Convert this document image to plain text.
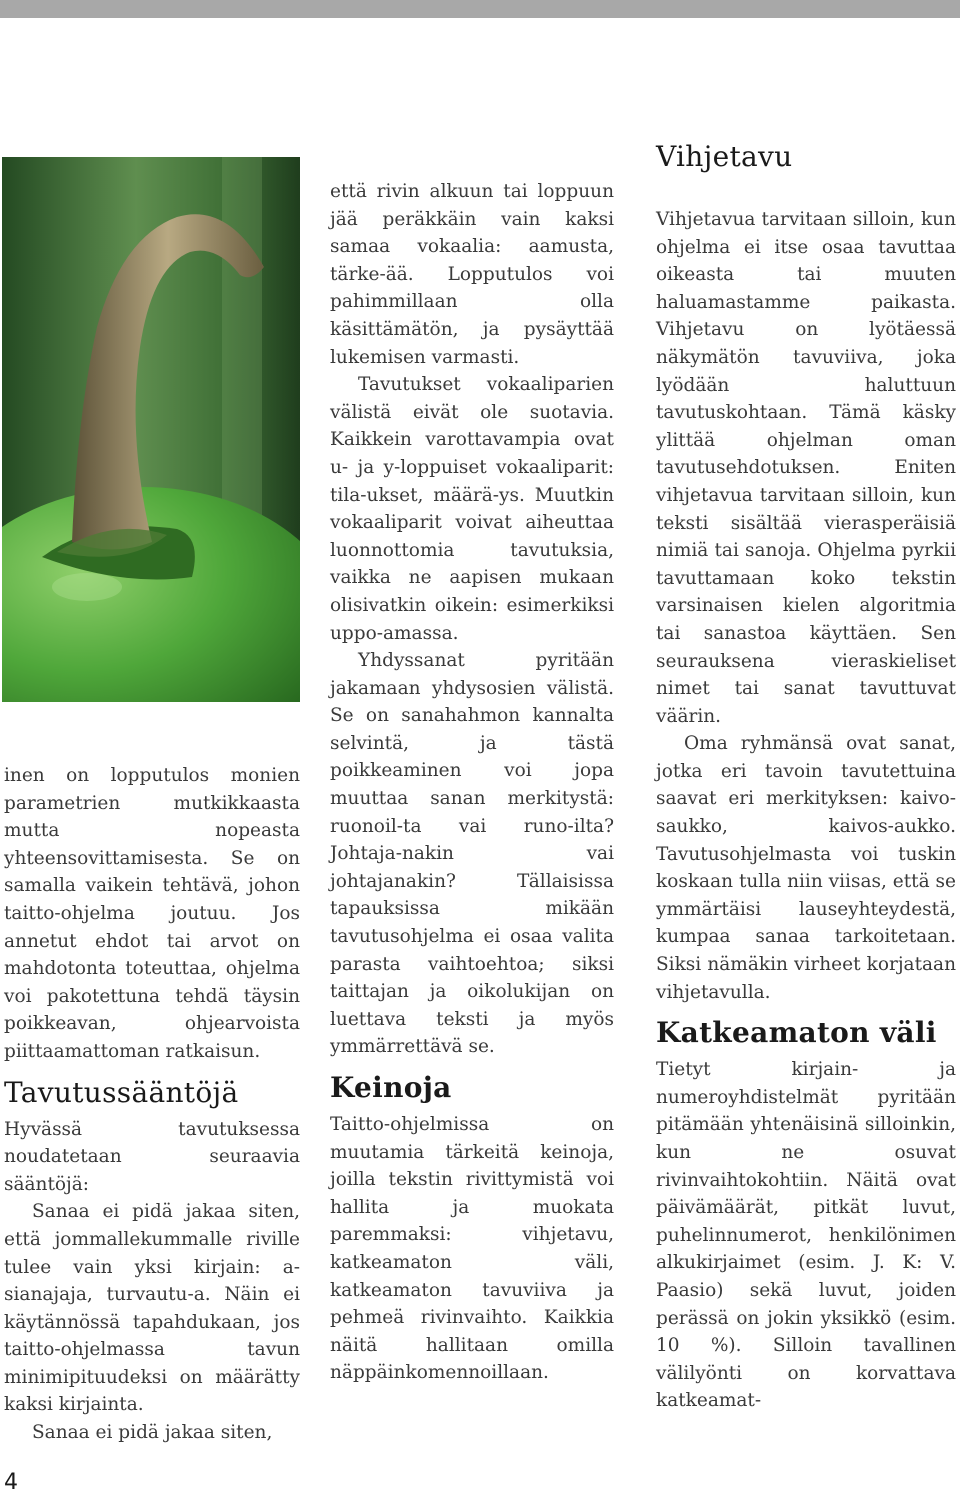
inen on lopputulos monien parametrien mutkikkaasta mutta nopeasta yhteensovittamisesta. Se on samalla vaikein tehtävä, johon taitto-ohjelma joutuu. Jos annetut ehdot tai arvot on mahdotonta toteuttaa, ohjelma voi pakotettuna tehdä täysin poikkeavan, ohjearvoista piittaamattoman ratkaisun.

Tavutussääntöjä

Hyvässä tavutuksessa noudatetaan seuraavia sääntöjä:

Sanaa ei pidä jakaa siten, että jommallekummalle riville tulee vain yksi kirjain: a-sianajaja, turvautu-a. Näin ei käytännössä tapahdukaan, jos taitto-ohjelmassa tavun minimipituudeksi on määrätty kaksi kirjainta.

Sanaa ei pidä jakaa siten,

että rivin alkuun tai loppuun jää peräkkäin vain kaksi samaa vokaalia: aamusta, tärke-ää. Lopputulos voi pahimmillaan olla käsittämätön, ja pysäyttää lukemisen varmasti.

Tavutukset vokaaliparien välistä eivät ole suotavia. Kaikkein varottavampia ovat u- ja y-loppuiset vokaaliparit: tila-ukset, määrä-ys. Muutkin vokaaliparit voivat aiheuttaa luonnottomia tavutuksia, vaikka ne aapisen mukaan olisivatkin oikein: esimerkiksi uppo-amassa.

Yhdyssanat pyritään jakamaan yhdysosien välistä. Se on sanahahmon kannalta selvintä, ja tästä poikkeaminen voi jopa muuttaa sanan merkitystä: ruonoil-ta vai runo-ilta? Johtaja-nakin vai johtajanakin? Tällaisissa tapauksissa mikään tavutusohjelma ei osaa valita parasta vaihtoehtoa; siksi taittajan ja oikolukijan on luettava teksti ja myös ymmärrettävä se.

Keinoja

Taitto-ohjelmissa on muutamia tärkeitä keinoja, joilla tekstin rivittymistä voi hallita ja muokata paremmaksi: vihjetavu, katkeamaton väli, katkeamaton tavuviiva ja pehmeä rivinvaihto. Kaikkia näitä hallitaan omilla näppäinkomennoillaan.

Vihjetavu

Vihjetavua tarvitaan silloin, kun ohjelma ei itse osaa tavuttaa oikeasta tai muuten haluamastamme paikasta. Vihjetavu on lyötäessä näkymätön tavuviiva, joka lyödään haluttuun tavutuskohtaan. Tämä käsky ylittää ohjelman oman tavutusehdotuksen. Eniten vihjetavua tarvitaan silloin, kun teksti sisältää vierasperäisiä nimiä tai sanoja. Ohjelma pyrkii tavuttamaan koko tekstin varsinaisen kielen algoritmia tai sanastoa käyttäen. Sen seurauksena vieraskieliset nimet tai sanat tavuttuvat väärin.

Oma ryhmänsä ovat sanat, jotka eri tavoin tavutettuina saavat eri merkityksen: kaivo-saukko, kaivos-aukko. Tavutusohjelmasta voi tuskin koskaan tulla niin viisas, että se ymmärtäisi lauseyhteydestä, kumpaa sanaa tarkoitetaan. Siksi nämäkin virheet korjataan vihjetavulla.

Katkeamaton väli

Tietyt kirjain- ja numeroyhdistelmät pyritään pitämään yhtenäisinä silloinkin, kun ne osuvat rivinvaihtokohtiin. Näitä ovat päivämäärät, pitkät luvut, puhelinnumerot, henkilönimen alkukirjaimet (esim. J. K: V. Paasio) sekä luvut, joiden perässä on jokin yksikkö (esim. 10 %). Silloin tavallinen välilyönti on korvattava katkeamat-

4
